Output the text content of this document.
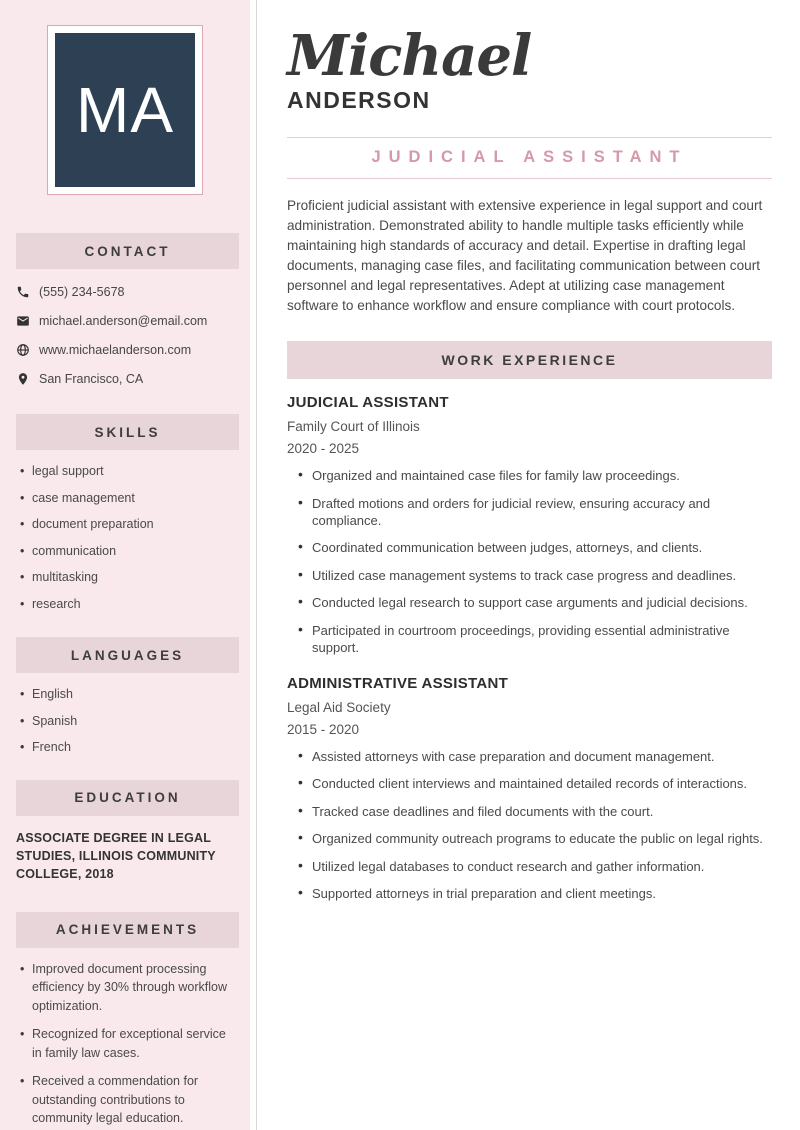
MA
CONTACT
(555) 234-5678
michael.anderson@email.com
www.michaelanderson.com
San Francisco, CA
SKILLS
• legal support
• case management
• document preparation
• communication
• multitasking
• research
LANGUAGES
• English
• Spanish
• French
EDUCATION
ASSOCIATE DEGREE IN LEGAL STUDIES, ILLINOIS COMMUNITY COLLEGE, 2018
ACHIEVEMENTS
• Improved document processing efficiency by 30% through workflow optimization.
• Recognized for exceptional service in family law cases.
• Received a commendation for outstanding contributions to community legal education.
Michael
ANDERSON
JUDICIAL ASSISTANT

Proficient judicial assistant with extensive experience in legal support and court administration. Demonstrated ability to handle multiple tasks efficiently while maintaining high standards of accuracy and detail. Expertise in drafting legal documents, managing case files, and facilitating communication between court personnel and legal representatives. Adept at utilizing case management software to enhance workflow and ensure compliance with court protocols.

WORK EXPERIENCE
JUDICIAL ASSISTANT
Family Court of Illinois
2020 - 2025
• Organized and maintained case files for family law proceedings.
• Drafted motions and orders for judicial review, ensuring accuracy and compliance.
• Coordinated communication between judges, attorneys, and clients.
• Utilized case management systems to track case progress and deadlines.
• Conducted legal research to support case arguments and judicial decisions.
• Participated in courtroom proceedings, providing essential administrative support.
ADMINISTRATIVE ASSISTANT
Legal Aid Society
2015 - 2020
• Assisted attorneys with case preparation and document management.
• Conducted client interviews and maintained detailed records of interactions.
• Tracked case deadlines and filed documents with the court.
• Organized community outreach programs to educate the public on legal rights.
• Utilized legal databases to conduct research and gather information.
• Supported attorneys in trial preparation and client meetings.
